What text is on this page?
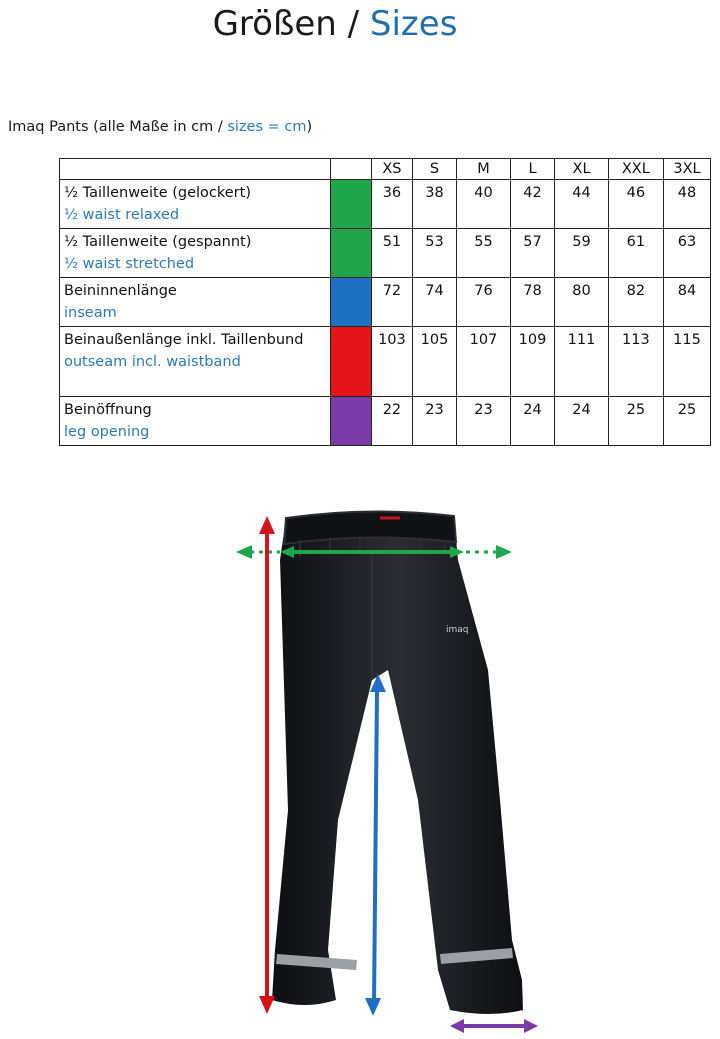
Größen / Sizes
Imaq Pants (alle Maße in cm / sizes = cm)
		XS	S	M	L	XL	XXL	3XL

½ Taillenweite (gelockert)
½ waist relaxed		36	38	40	42	44	46	48

½ Taillenweite (gespannt)
½ waist stretched		51	53	55	57	59	61	63

Beininnenlänge
inseam		72	74	76	78	80	82	84

Beinaußenlänge inkl. Taillenbund
outseam incl. waistband		103	105	107	109	111	113	115

Beinöffnung
leg opening		22	23	23	24	24	25	25
imaq
